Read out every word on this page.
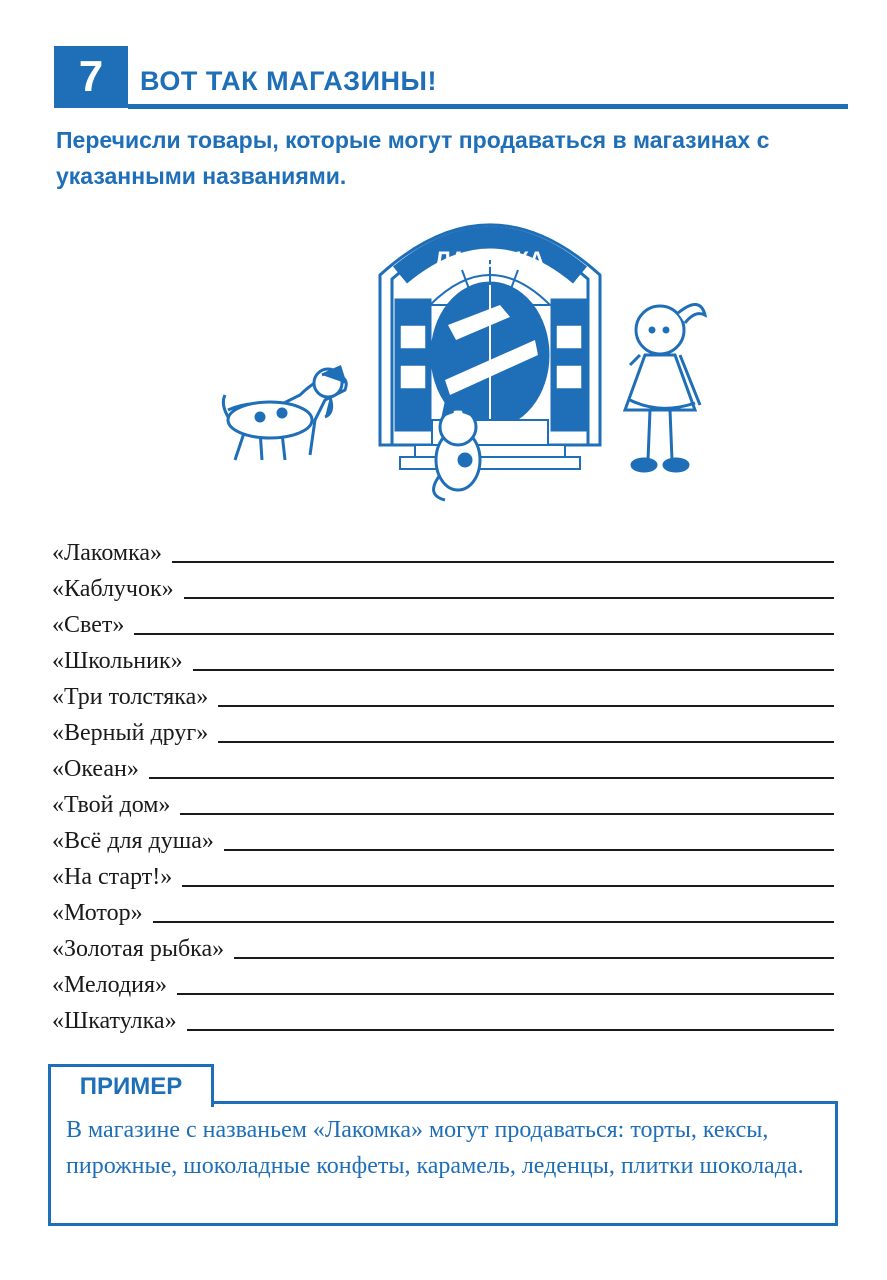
7	ВОТ ТАК МАГАЗИНЫ!
Перечисли товары, которые могут продаваться в магазинах с указанными названиями.
ЛАКОМКА
«Лакомка»
«Каблучок»
«Свет»
«Школьник»
«Три толстяка»
«Верный друг»
«Океан»
«Твой дом»
«Всё для душа»
«На старт!»
«Мотор»
«Золотая рыбка»
«Мелодия»
«Шкатулка»
ПРИМЕР
В магазине с названьем «Лакомка» могут продаваться: торты, кексы, пирожные, шоколадные конфеты, карамель, леденцы, плитки шоколада.
